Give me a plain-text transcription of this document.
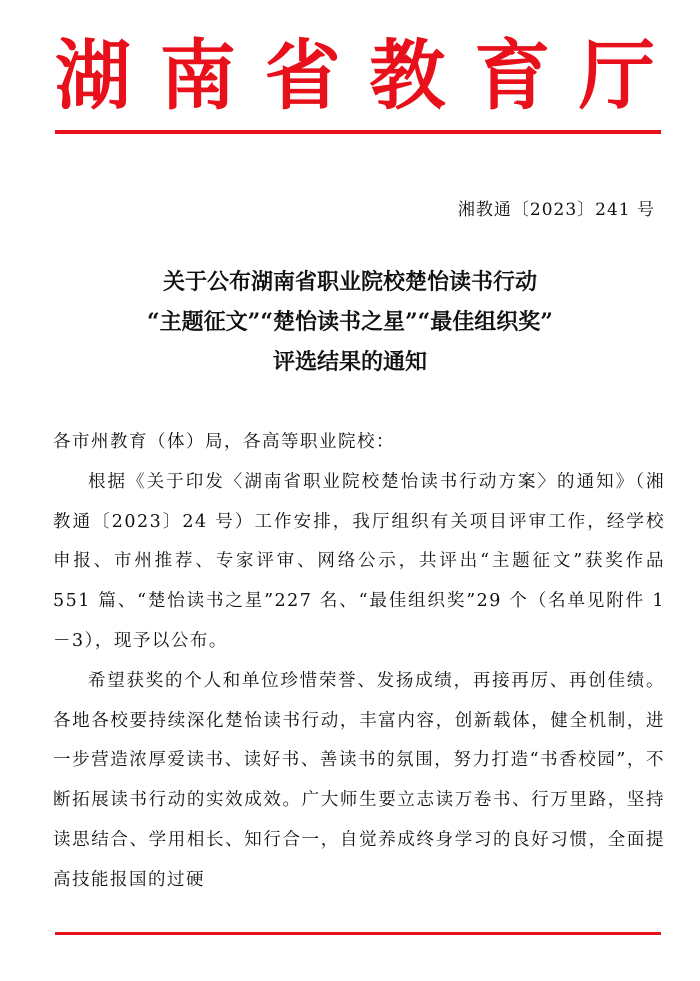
湖 南 省 教 育 厅
湘教通〔2023〕241 号
关于公布湖南省职业院校楚怡读书行动
“主题征文”“楚怡读书之星”“最佳组织奖”
评选结果的通知

各市州教育（体）局，各高等职业院校：

根据《关于印发〈湖南省职业院校楚怡读书行动方案〉的通知》（湘教通〔2023〕24 号）工作安排，我厅组织有关项目评审工作，经学校申报、市州推荐、专家评审、网络公示，共评出“主题征文”获奖作品 551 篇、“楚怡读书之星”227 名、“最佳组织奖”29 个（名单见附件 1－3），现予以公布。

希望获奖的个人和单位珍惜荣誉、发扬成绩，再接再厉、再创佳绩。各地各校要持续深化楚怡读书行动，丰富内容，创新载体，健全机制，进一步营造浓厚爱读书、读好书、善读书的氛围，努力打造“书香校园”，不断拓展读书行动的实效成效。广大师生要立志读万卷书、行万里路，坚持读思结合、学用相长、知行合一，自觉养成终身学习的良好习惯，全面提高技能报国的过硬
